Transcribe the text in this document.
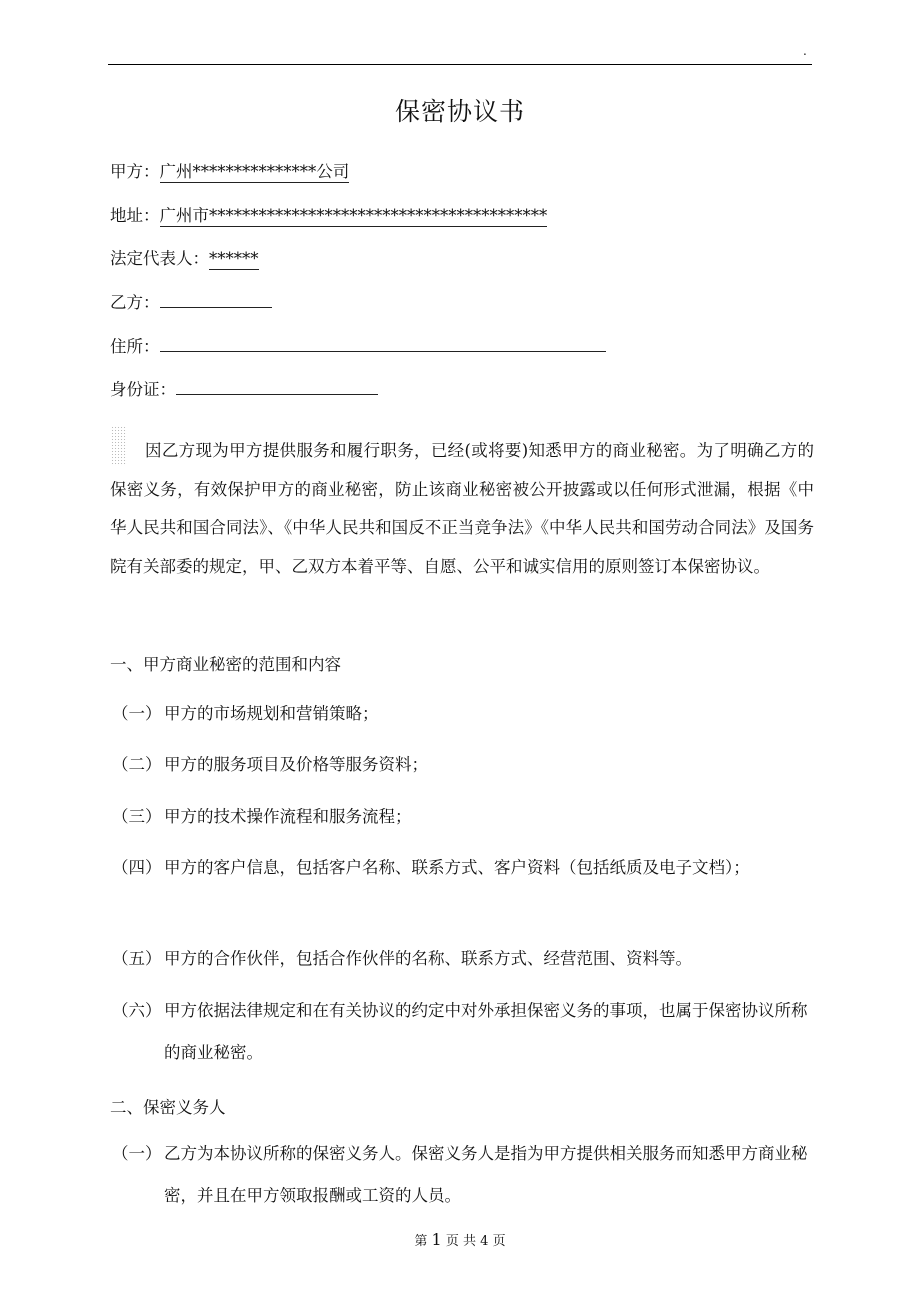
.
保密协议书
甲方：广州***************公司
地址：广州市*****************************************
法定代表人：******
乙方：
住所：
身份证：
因乙方现为甲方提供服务和履行职务，已经(或将要)知悉甲方的商业秘密。为了明确乙方的保密义务，有效保护甲方的商业秘密，防止该商业秘密被公开披露或以任何形式泄漏，根据《中华人民共和国合同法》、《中华人民共和国反不正当竞争法》《中华人民共和国劳动合同法》及国务院有关部委的规定，甲、乙双方本着平等、自愿、公平和诚实信用的原则签订本保密协议。
一、甲方商业秘密的范围和内容
（一） 甲方的市场规划和营销策略；
（二） 甲方的服务项目及价格等服务资料；
（三） 甲方的技术操作流程和服务流程；
（四） 甲方的客户信息，包括客户名称、联系方式、客户资料（包括纸质及电子文档）；
（五） 甲方的合作伙伴，包括合作伙伴的名称、联系方式、经营范围、资料等。
（六） 甲方依据法律规定和在有关协议的约定中对外承担保密义务的事项，也属于保密协议所称的商业秘密。
二、保密义务人
（一） 乙方为本协议所称的保密义务人。保密义务人是指为甲方提供相关服务而知悉甲方商业秘密，并且在甲方领取报酬或工资的人员。
第 1 页 共 4 页
